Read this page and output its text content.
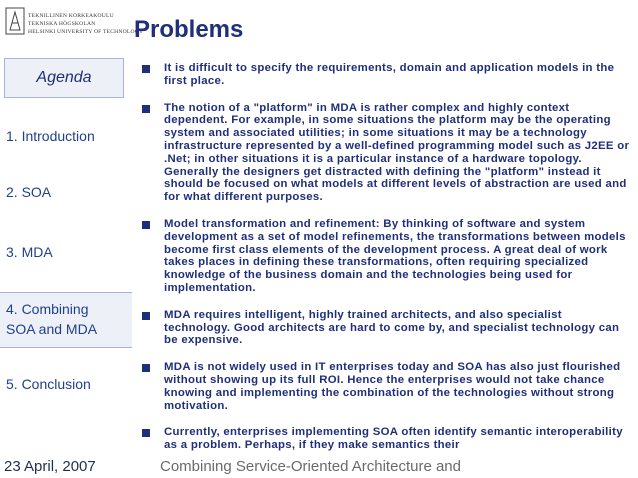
TEKNILLINEN KORKEAKOULU
TEKNISKA HÖGSKOLAN
HELSINKI UNIVERSITY OF TECHNOLOGY
Problems
Agenda
1. Introduction
2. SOA
3. MDA
4. Combining SOA and MDA
5. Conclusion
It is difficult to specify the requirements, domain and application models in the first place.
The notion of a "platform" in MDA is rather complex and highly context dependent. For example, in some situations the platform may be the operating system and associated utilities; in some situations it may be a technology infrastructure represented by a well-defined programming model such as J2EE or .Net; in other situations it is a particular instance of a hardware topology. Generally the designers get distracted with defining the "platform" instead it should be focused on what models at different levels of abstraction are used and for what different purposes.
Model transformation and refinement: By thinking of software and system development as a set of model refinements, the transformations between models become first class elements of the development process. A great deal of work takes places in defining these transformations, often requiring specialized knowledge of the business domain and the technologies being used for implementation.
MDA requires intelligent, highly trained architects, and also specialist technology. Good architects are hard to come by, and specialist technology can be expensive.
MDA is not widely used in IT enterprises today and SOA has also just flourished without showing up its full ROI. Hence the enterprises would not take chance knowing and implementing the combination of the technologies without strong motivation.
Currently, enterprises implementing SOA often identify semantic interoperability as a problem. Perhaps, if they make semantics their
23 April, 2007	Combining Service-Oriented Architecture and
